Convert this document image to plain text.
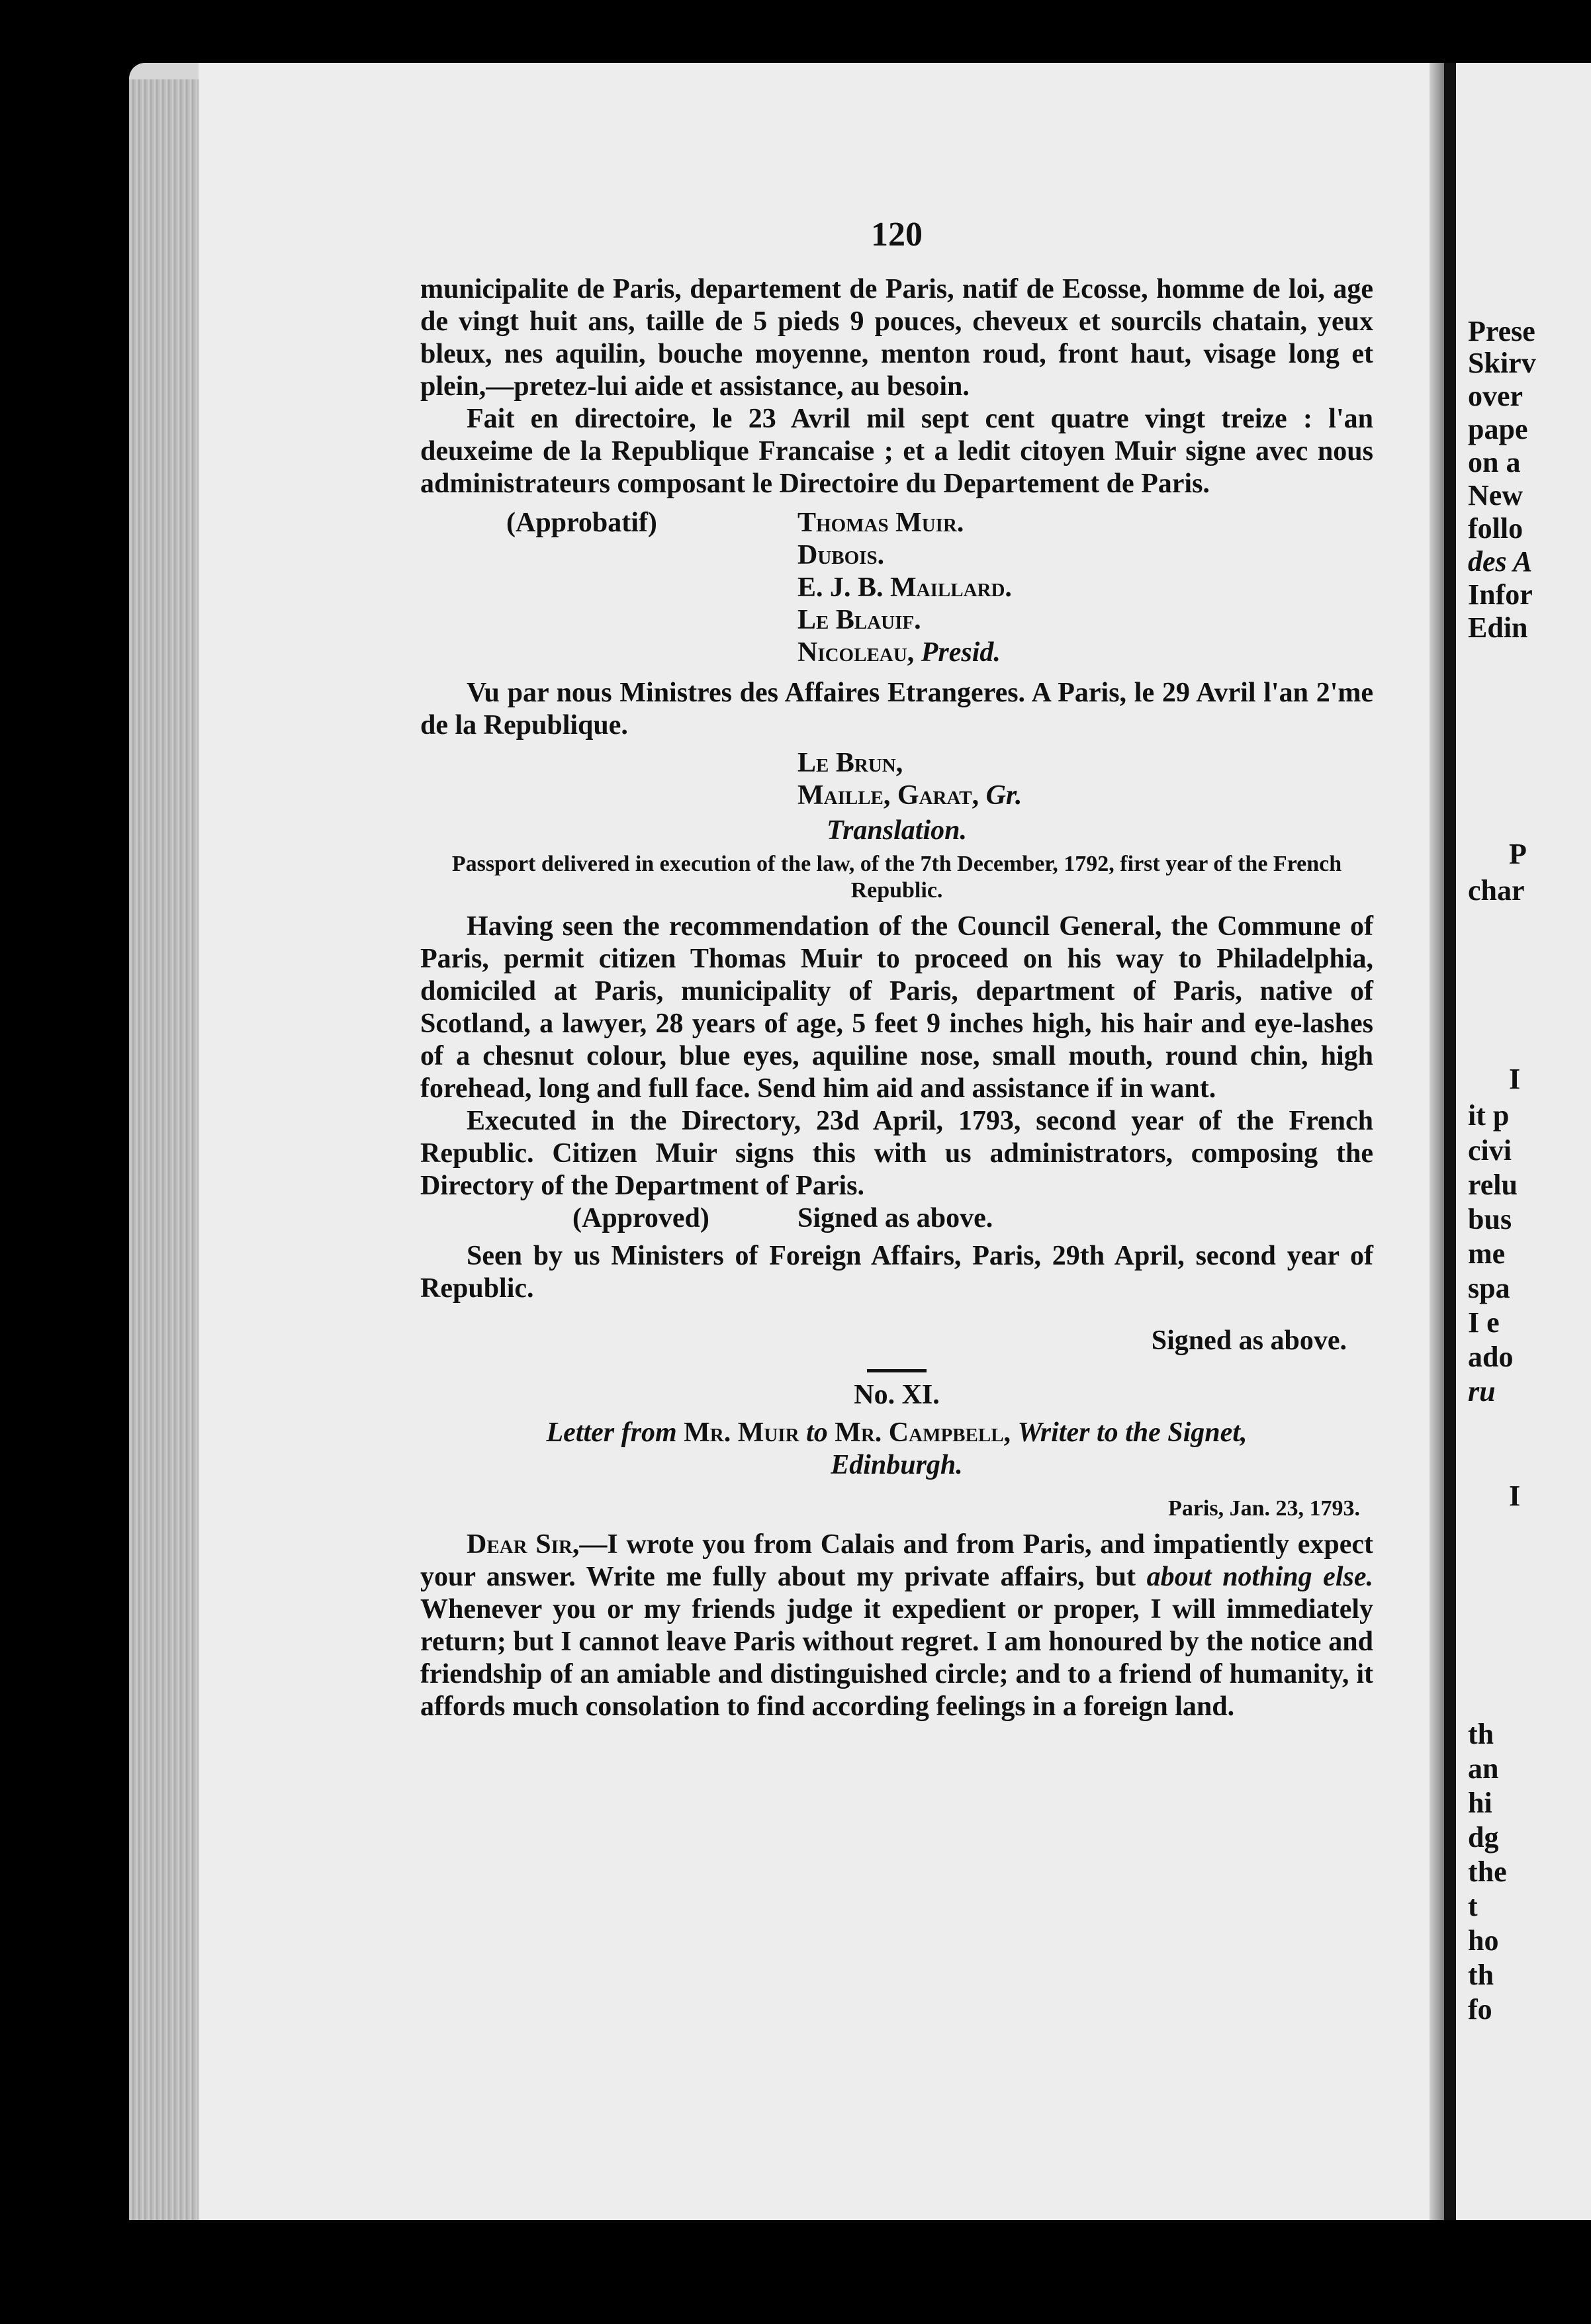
Prese
Skirv
over
pape
on a
New
follo
des A
Infor
Edin
P
char
I
it p
civi
relu
bus
me
spa
I e
ado
ru
I
th
an
hi
dg
the
t
ho
th
fo
120

municipalite de Paris, departement de Paris, natif de Ecosse, homme de loi, age de vingt huit ans, taille de 5 pieds 9 pouces, cheveux et sourcils chatain, yeux bleux, nes aquilin, bouche moyenne, menton roud, front haut, visage long et plein,—pretez-lui aide et assistance, au besoin.

Fait en directoire, le 23 Avril mil sept cent quatre vingt treize : l'an deuxeime de la Republique Francaise ; et a ledit citoyen Muir signe avec nous administrateurs composant le Directoire du Departement de Paris.

(Approbatif)	Thomas Muir.
Dubois.
E. J. B. Maillard.
Le Blauif.
Nicoleau, Presid.

Vu par nous Ministres des Affaires Etrangeres. A Paris, le 29 Avril l'an 2'me de la Republique.

Le Brun,
Maille, Garat, Gr.
Translation.
Passport delivered in execution of the law, of the 7th December, 1792, first year of the French Republic.

Having seen the recommendation of the Council General, the Commune of Paris, permit citizen Thomas Muir to proceed on his way to Philadelphia, domiciled at Paris, municipality of Paris, department of Paris, native of Scotland, a lawyer, 28 years of age, 5 feet 9 inches high, his hair and eye-lashes of a chesnut colour, blue eyes, aquiline nose, small mouth, round chin, high forehead, long and full face. Send him aid and assistance if in want.

Executed in the Directory, 23d April, 1793, second year of the French Republic. Citizen Muir signs this with us administrators, composing the Directory of the Department of Paris.

(Approved)	Signed as above.

Seen by us Ministers of Foreign Affairs, Paris, 29th April, second year of Republic.

Signed as above.
No. XI.
Letter from Mr. Muir to Mr. Campbell, Writer to the Signet,
Edinburgh.
Paris, Jan. 23, 1793.

Dear Sir,—I wrote you from Calais and from Paris, and impatiently expect your answer. Write me fully about my private affairs, but about nothing else. Whenever you or my friends judge it expedient or proper, I will immediately return; but I cannot leave Paris without regret. I am honoured by the notice and friendship of an amiable and distinguished circle; and to a friend of humanity, it affords much consolation to find according feelings in a foreign land.
